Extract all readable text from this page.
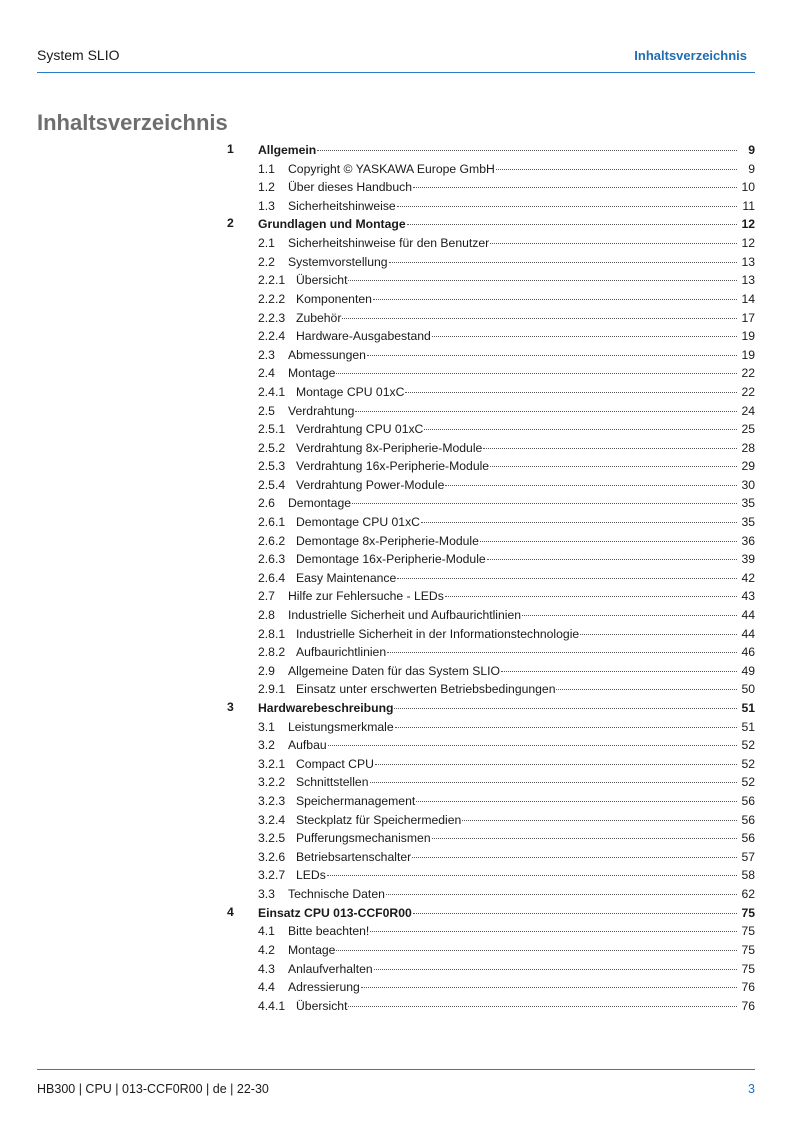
System SLIO	Inhaltsverzeichnis
Inhaltsverzeichnis
1 Allgemein	9
1.1	Copyright © YASKAWA Europe GmbH	9
1.2	Über dieses Handbuch	10
1.3	Sicherheitshinweise	11
2 Grundlagen und Montage	12
2.1	Sicherheitshinweise für den Benutzer	12
2.2	Systemvorstellung	13
2.2.1 Übersicht	13
2.2.2 Komponenten	14
2.2.3 Zubehör	17
2.2.4 Hardware-Ausgabestand	19
2.3	Abmessungen	19
2.4	Montage	22
2.4.1 Montage CPU 01xC	22
2.5	Verdrahtung	24
2.5.1 Verdrahtung CPU 01xC	25
2.5.2 Verdrahtung 8x-Peripherie-Module	28
2.5.3 Verdrahtung 16x-Peripherie-Module	29
2.5.4 Verdrahtung Power-Module	30
2.6	Demontage	35
2.6.1 Demontage CPU 01xC	35
2.6.2 Demontage 8x-Peripherie-Module	36
2.6.3 Demontage 16x-Peripherie-Module	39
2.6.4 Easy Maintenance	42
2.7	Hilfe zur Fehlersuche - LEDs	43
2.8	Industrielle Sicherheit und Aufbaurichtlinien	44
2.8.1 Industrielle Sicherheit in der Informationstechnologie	44
2.8.2 Aufbaurichtlinien	46
2.9	Allgemeine Daten für das System SLIO	49
2.9.1 Einsatz unter erschwerten Betriebsbedingungen	50
3 Hardwarebeschreibung	51
3.1	Leistungsmerkmale	51
3.2	Aufbau	52
3.2.1 Compact CPU	52
3.2.2 Schnittstellen	52
3.2.3 Speichermanagement	56
3.2.4 Steckplatz für Speichermedien	56
3.2.5 Pufferungsmechanismen	56
3.2.6 Betriebsartenschalter	57
3.2.7 LEDs	58
3.3	Technische Daten	62
4 Einsatz CPU 013-CCF0R00	75
4.1	Bitte beachten!	75
4.2	Montage	75
4.3	Anlaufverhalten	75
4.4	Adressierung	76
4.4.1 Übersicht	76
HB300 | CPU | 013-CCF0R00 | de | 22-30	3
